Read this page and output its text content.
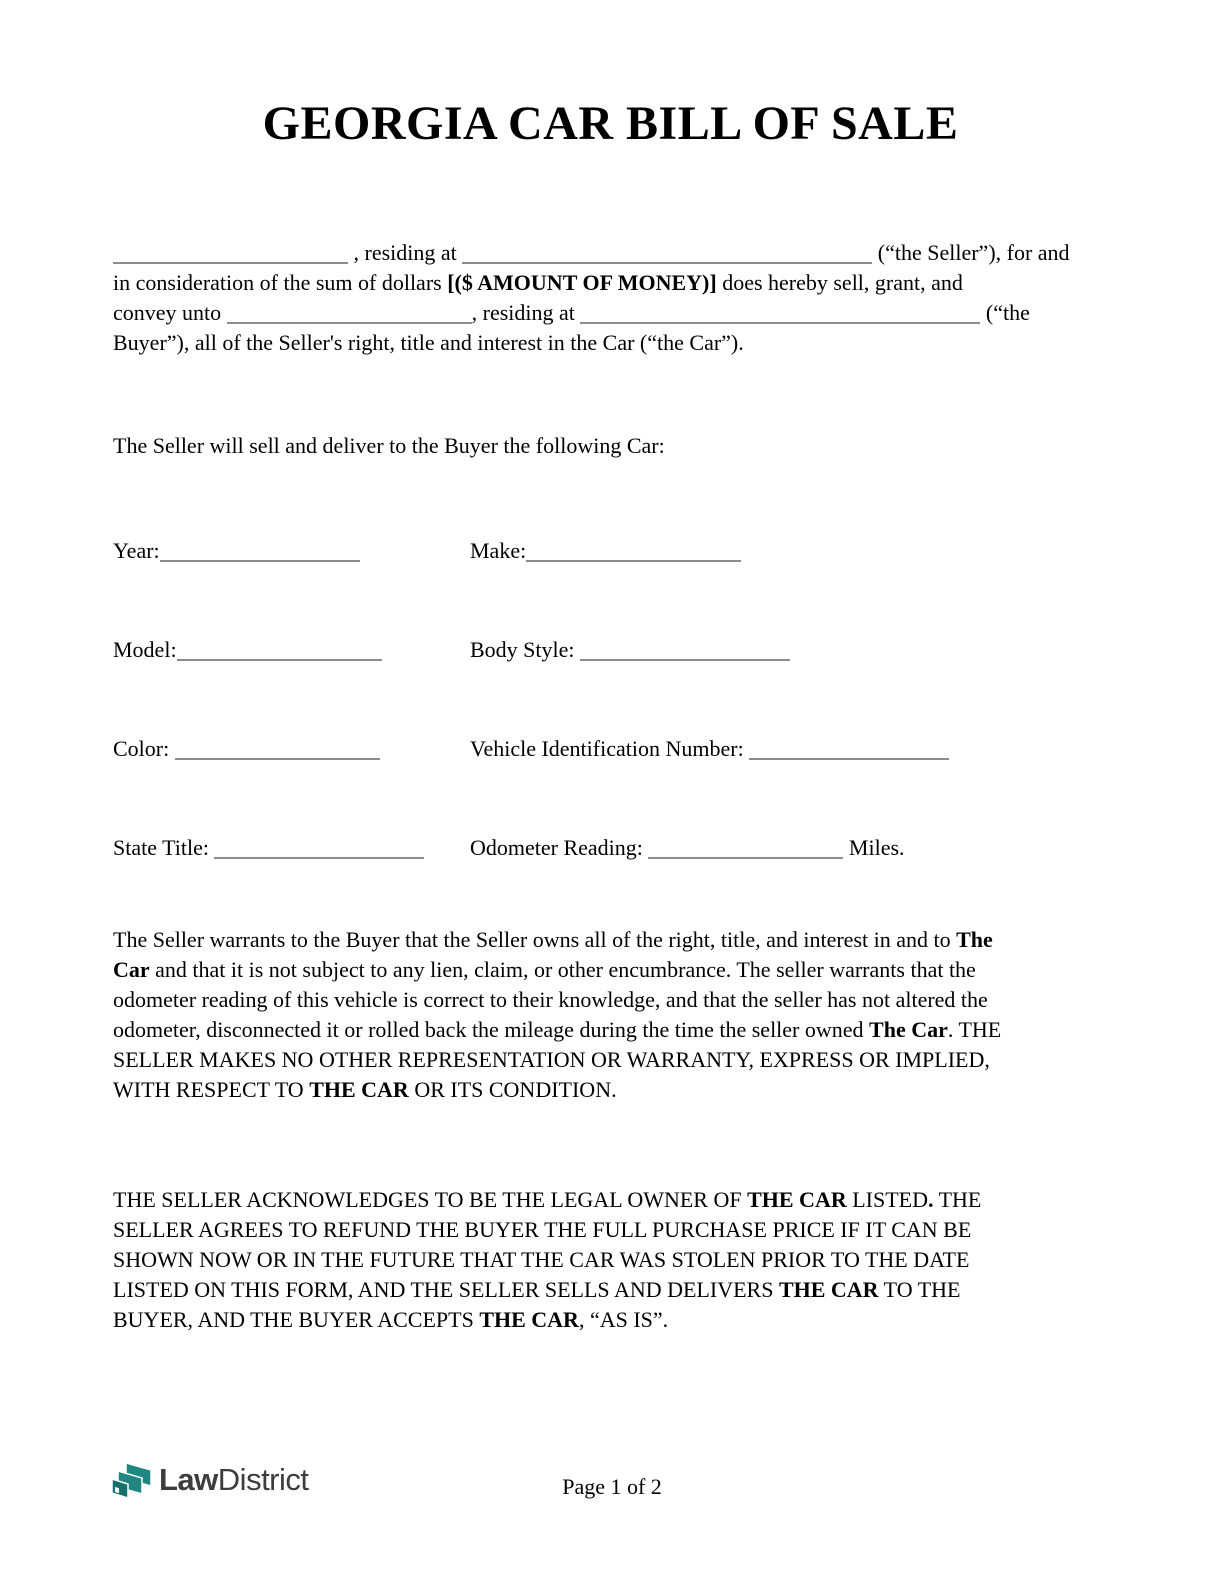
GEORGIA CAR BILL OF SALE

, residing at	(“the Seller”), for and
in consideration of the sum of dollars [($ AMOUNT OF MONEY)] does hereby sell, grant, and
convey unto	, residing at	(“the
Buyer”), all of the Seller's right, title and interest in the Car (“the Car”).

The Seller will sell and deliver to the Buyer the following Car:

Year:	Make:
Model:	Body Style:
Color:	Vehicle Identification Number:
State Title:	Odometer Reading:	Miles.

The Seller warrants to the Buyer that the Seller owns all of the right, title, and interest in and to The
Car and that it is not subject to any lien, claim, or other encumbrance. The seller warrants that the
odometer reading of this vehicle is correct to their knowledge, and that the seller has not altered the
odometer, disconnected it or rolled back the mileage during the time the seller owned The Car. THE
SELLER MAKES NO OTHER REPRESENTATION OR WARRANTY, EXPRESS OR IMPLIED,
WITH RESPECT TO THE CAR OR ITS CONDITION.

THE SELLER ACKNOWLEDGES TO BE THE LEGAL OWNER OF THE CAR LISTED. THE
SELLER AGREES TO REFUND THE BUYER THE FULL PURCHASE PRICE IF IT CAN BE
SHOWN NOW OR IN THE FUTURE THAT THE CAR WAS STOLEN PRIOR TO THE DATE
LISTED ON THIS FORM, AND THE SELLER SELLS AND DELIVERS THE CAR TO THE
BUYER, AND THE BUYER ACCEPTS THE CAR, “AS IS”.

LawDistrict	Page 1 of 2
